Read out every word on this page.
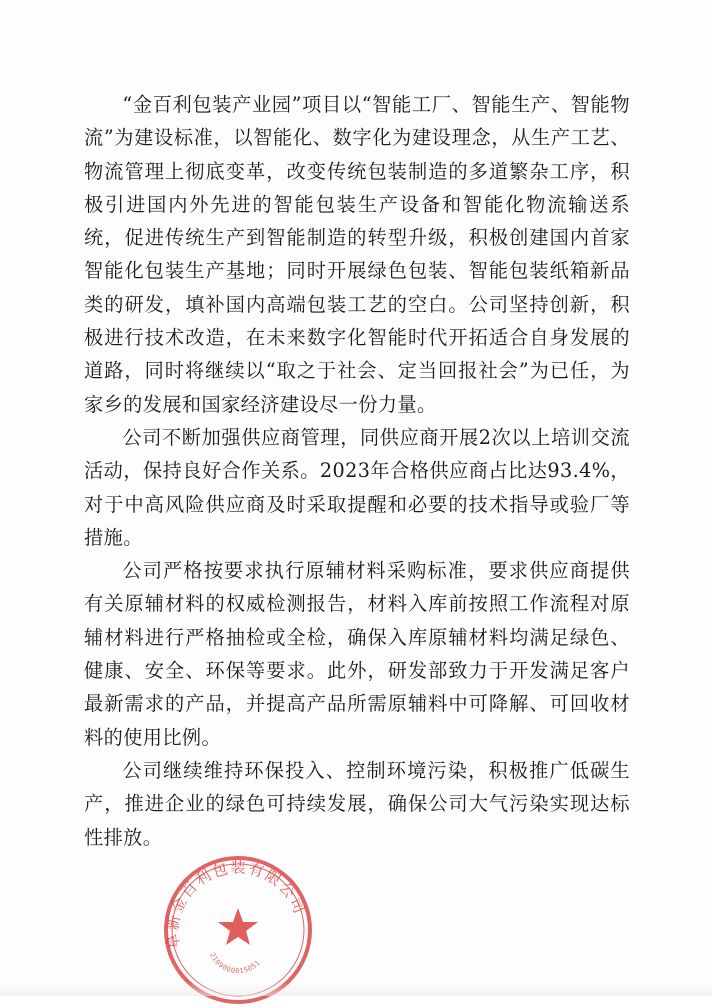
“金百利包装产业园”项目以“智能工厂、智能生产、智能物流”为建设标准，以智能化、数字化为建设理念，从生产工艺、物流管理上彻底变革，改变传统包装制造的多道繁杂工序，积极引进国内外先进的智能包装生产设备和智能化物流输送系统，促进传统生产到智能制造的转型升级，积极创建国内首家智能化包装生产基地；同时开展绿色包装、智能包装纸箱新品类的研发，填补国内高端包装工艺的空白。公司坚持创新，积极进行技术改造，在未来数字化智能时代开拓适合自身发展的道路，同时将继续以“取之于社会、定当回报社会”为已任，为家乡的发展和国家经济建设尽一份力量。

公司不断加强供应商管理，同供应商开展2次以上培训交流活动，保持良好合作关系。2023年合格供应商占比达93.4%，对于中高风险供应商及时采取提醒和必要的技术指导或验厂等措施。

公司严格按要求执行原辅材料采购标准，要求供应商提供有关原辅材料的权威检测报告，材料入库前按照工作流程对原辅材料进行严格抽检或全检，确保入库原辅材料均满足绿色、健康、安全、环保等要求。此外，研发部致力于开发满足客户最新需求的产品，并提高产品所需原辅料中可降解、可回收材料的使用比例。

公司继续维持环保投入、控制环境污染，积极推广低碳生产，推进企业的绿色可持续发展，确保公司大气污染实现达标性排放。

阜新金百利包装有限公司
2109000015051
